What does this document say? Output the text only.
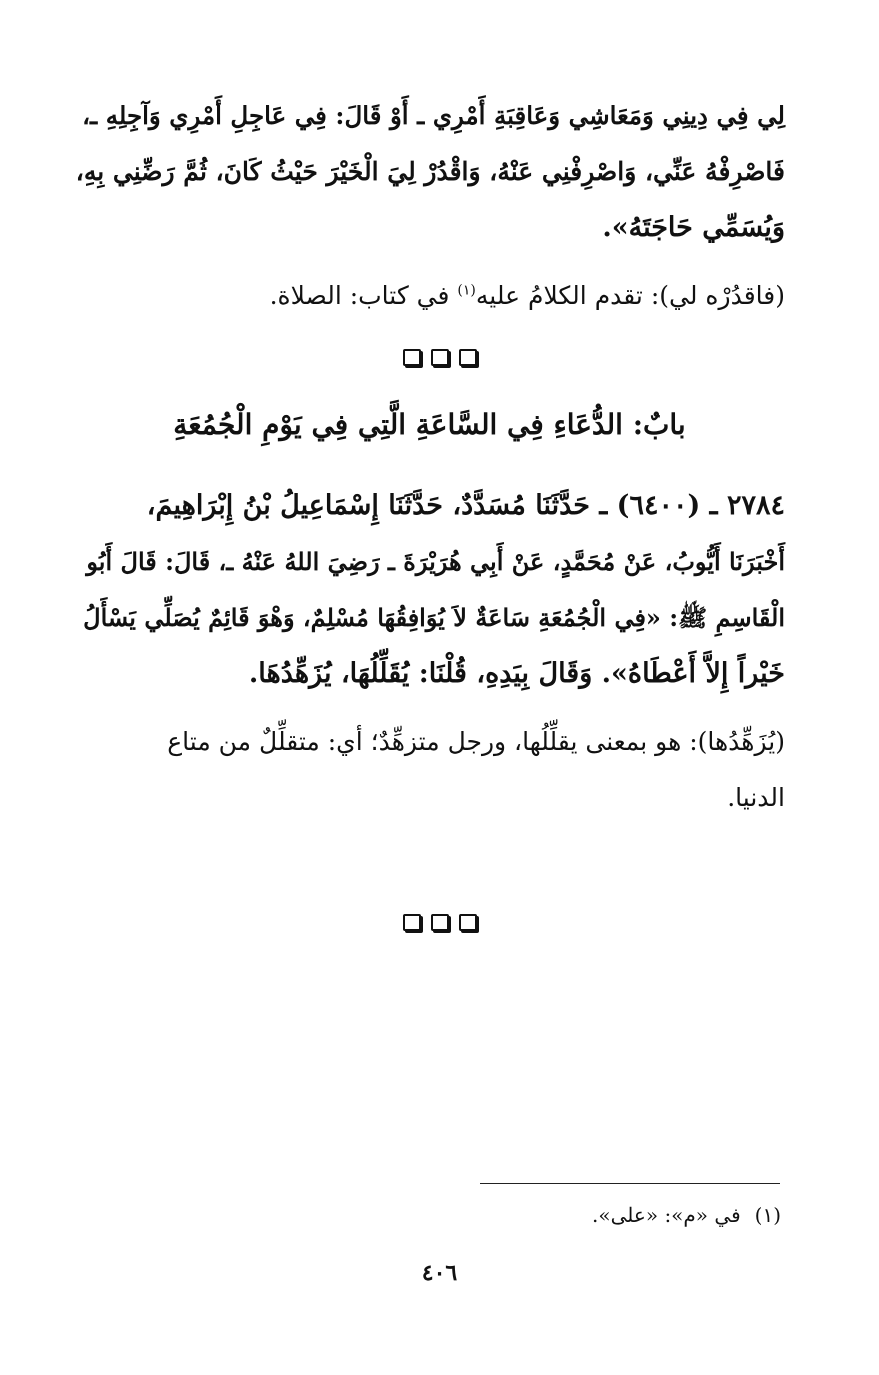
لِي فِي دِينِي وَمَعَاشِي وَعَاقِبَةِ أَمْرِي ـ أَوْ قَالَ: فِي عَاجِلِ أَمْرِي وَآجِلِهِ ـ،
فَاصْرِفْهُ عَنِّي، وَاصْرِفْنِي عَنْهُ، وَاقْدُرْ لِيَ الْخَيْرَ حَيْثُ كَانَ، ثُمَّ رَضِّنِي بِهِ،
وَيُسَمِّي حَاجَتَهُ».
(فاقدُرْه لي): تقدم الكلامُ عليه$^{(١)}$ في كتاب: الصلاة.
بابٌ: الدُّعَاءِ فِي السَّاعَةِ الَّتِي فِي يَوْمِ الْجُمُعَةِ
٢٧٨٤ ـ (٦٤٠٠) ـ حَدَّثَنَا مُسَدَّدٌ، حَدَّثَنَا إِسْمَاعِيلُ بْنُ إِبْرَاهِيمَ،
أَخْبَرَنَا أَيُّوبُ، عَنْ مُحَمَّدٍ، عَنْ أَبِي هُرَيْرَةَ ـ رَضِيَ اللهُ عَنْهُ ـ، قَالَ: قَالَ أَبُو
الْقَاسِمِ ﷺ: «فِي الْجُمُعَةِ سَاعَةٌ لاَ يُوَافِقُهَا مُسْلِمٌ، وَهْوَ قَائِمٌ يُصَلِّي يَسْأَلُ
خَيْراً إِلاَّ أَعْطَاهُ». وَقَالَ بِيَدِهِ، قُلْنَا: يُقَلِّلُهَا، يُزَهِّدُهَا.
(يُزَهِّدُها): هو بمعنى يقلِّلُها، ورجل متزهِّدٌ؛ أي: متقلِّلٌ من متاع
الدنيا.
(١)في «م»: «على».
٤٠٦
